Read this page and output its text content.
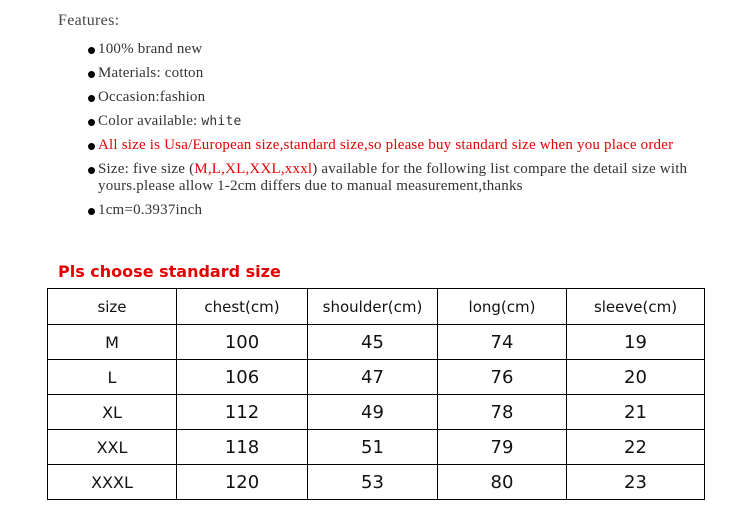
Features:
100% brand new
Materials: cotton
Occasion:fashion
Color available: white
All size is Usa/European size,standard size,so please buy standard size when you place order
Size: five size (M,L,XL,XXL,xxxl) available for the following list compare the detail size with yours.please allow 1-2cm differs due to manual measurement,thanks
1cm=0.3937inch
Pls choose standard size
size	chest(cm)	shoulder(cm)	long(cm)	sleeve(cm)
M	100	45	74	19
L	106	47	76	20
XL	112	49	78	21
XXL	118	51	79	22
XXXL	120	53	80	23
